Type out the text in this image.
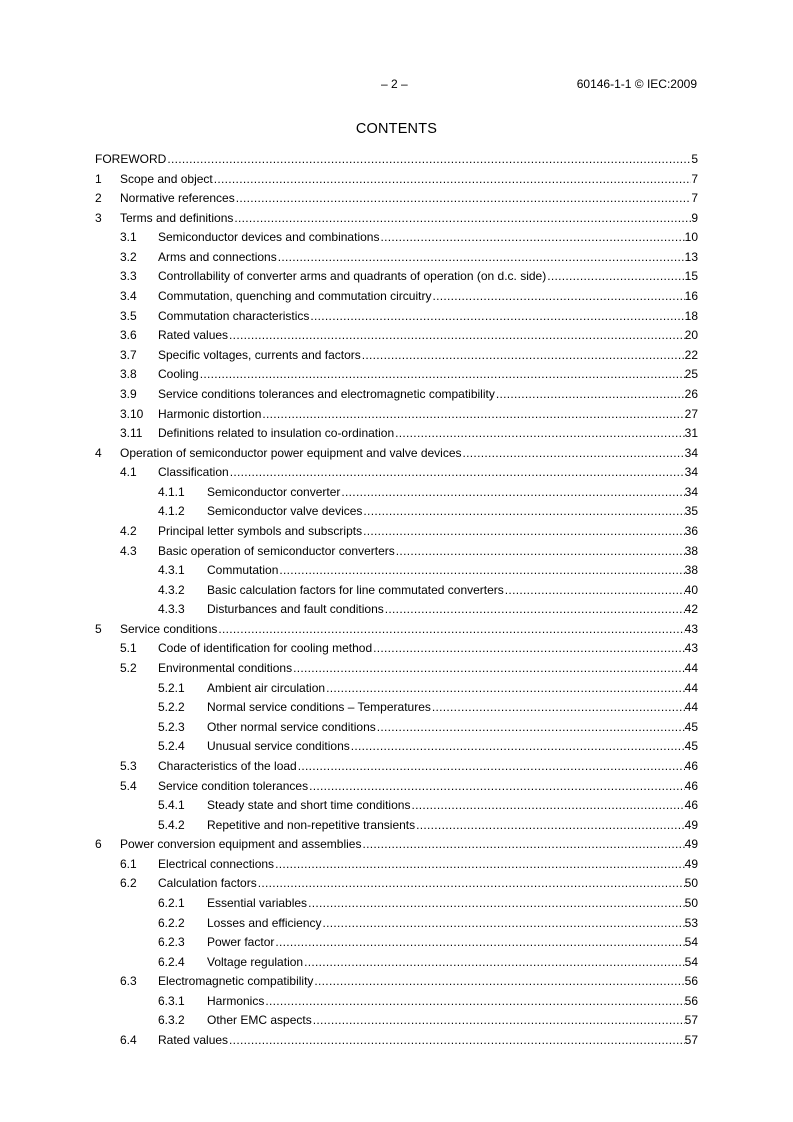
– 2 –	60146-1-1 © IEC:2009
CONTENTS
FOREWORD .....	5
1	Scope and object .....	7
2	Normative references .....	7
3	Terms and definitions .....	9
3.1	Semiconductor devices and combinations .....	10
3.2	Arms and connections .....	13
3.3	Controllability of converter arms and quadrants of operation (on d.c. side) .....	15
3.4	Commutation, quenching and commutation circuitry .....	16
3.5	Commutation characteristics .....	18
3.6	Rated values .....	20
3.7	Specific voltages, currents and factors .....	22
3.8	Cooling .....	25
3.9	Service conditions tolerances and electromagnetic compatibility .....	26
3.10	Harmonic distortion .....	27
3.11	Definitions related to insulation co-ordination .....	31
4	Operation of semiconductor power equipment and valve devices .....	34
4.1	Classification .....	34
4.1.1	Semiconductor converter .....	34
4.1.2	Semiconductor valve devices .....	35
4.2	Principal letter symbols and subscripts .....	36
4.3	Basic operation of semiconductor converters .....	38
4.3.1	Commutation .....	38
4.3.2	Basic calculation factors for line commutated converters .....	40
4.3.3	Disturbances and fault conditions .....	42
5	Service conditions .....	43
5.1	Code of identification for cooling method .....	43
5.2	Environmental conditions .....	44
5.2.1	Ambient air circulation .....	44
5.2.2	Normal service conditions – Temperatures .....	44
5.2.3	Other normal service conditions .....	45
5.2.4	Unusual service conditions .....	45
5.3	Characteristics of the load .....	46
5.4	Service condition tolerances .....	46
5.4.1	Steady state and short time conditions .....	46
5.4.2	Repetitive and non-repetitive transients .....	49
6	Power conversion equipment and assemblies .....	49
6.1	Electrical connections .....	49
6.2	Calculation factors .....	50
6.2.1	Essential variables .....	50
6.2.2	Losses and efficiency .....	53
6.2.3	Power factor .....	54
6.2.4	Voltage regulation .....	54
6.3	Electromagnetic compatibility .....	56
6.3.1	Harmonics .....	56
6.3.2	Other EMC aspects .....	57
6.4	Rated values .....	57
